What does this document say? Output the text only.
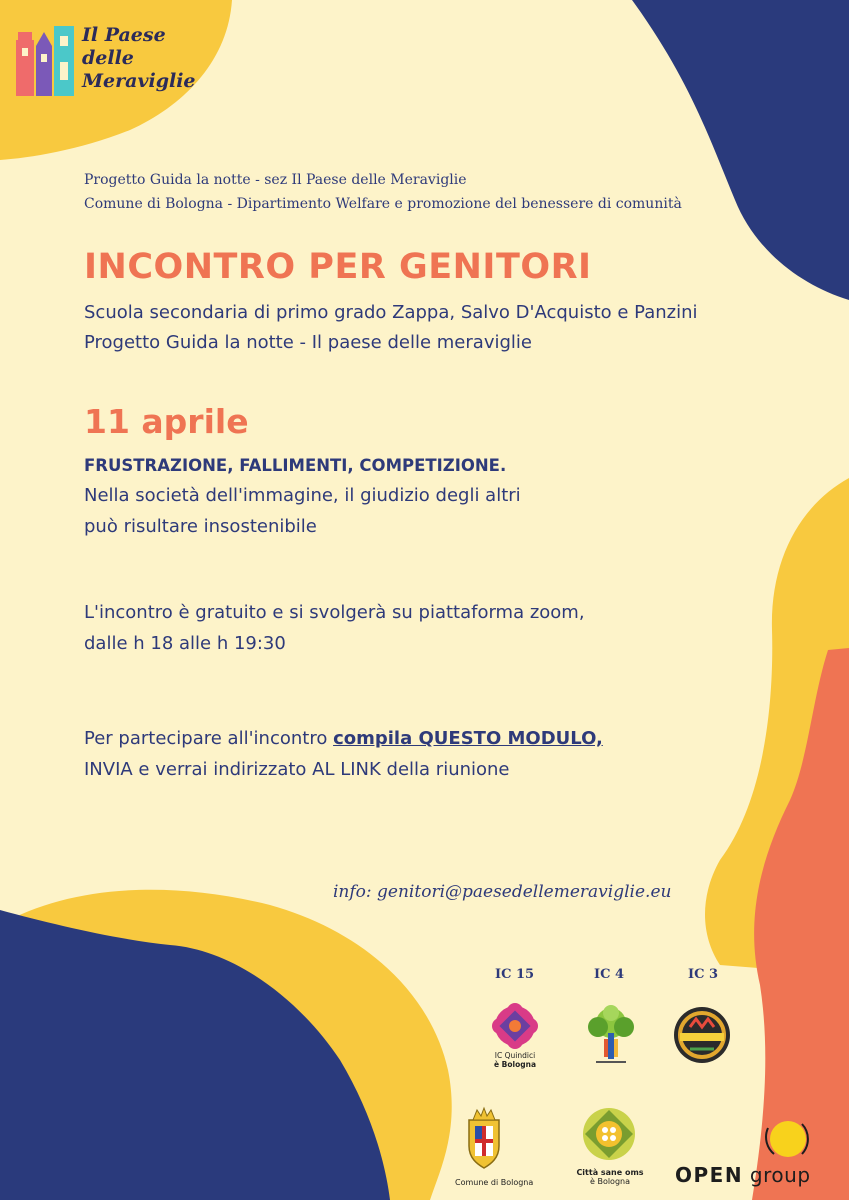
Il Paese
delle
Meraviglie
Progetto Guida la notte - sez Il Paese delle Meraviglie
Comune di Bologna - Dipartimento Welfare e promozione del benessere di comunità
INCONTRO PER GENITORI
Scuola secondaria di primo grado Zappa, Salvo D'Acquisto e Panzini
Progetto Guida la notte - Il paese delle meraviglie
11 aprile
FRUSTRAZIONE, FALLIMENTI, COMPETIZIONE.
Nella società dell'immagine, il giudizio degli altri
può risultare insostenibile
L'incontro è gratuito e si svolgerà su piattaforma zoom,
dalle h 18 alle h 19:30
Per partecipare all'incontro compila QUESTO MODULO,
INVIA e verrai indirizzato AL LINK della riunione
info: genitori@paesedellemeraviglie.eu
IC 15	IC 4	IC 3
IC Quindici
è Bologna
Comune di Bologna
Città sane oms
è Bologna	OPEN group
